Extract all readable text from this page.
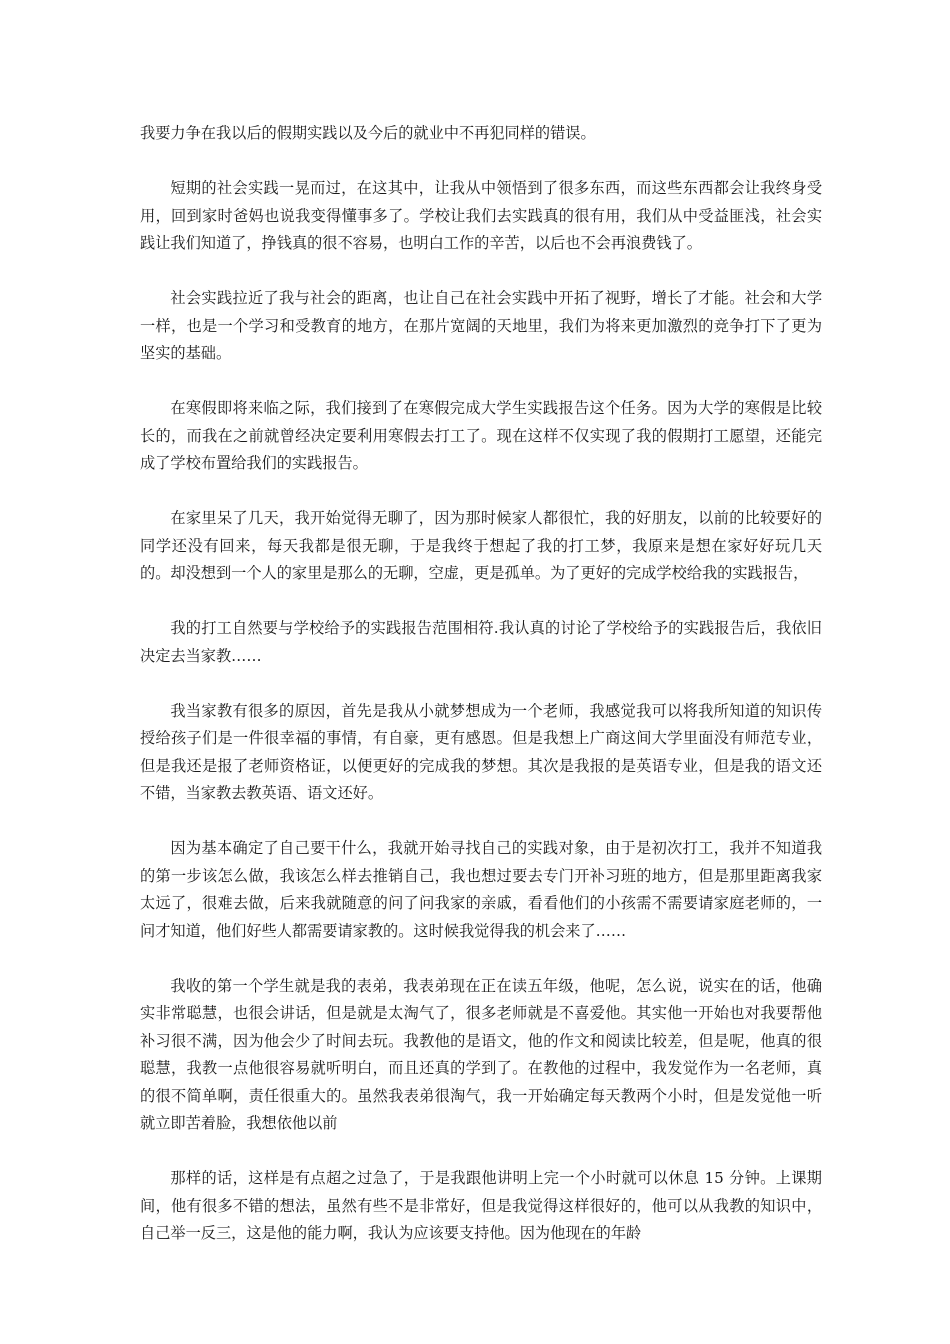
我要力争在我以后的假期实践以及今后的就业中不再犯同样的错误。

短期的社会实践一晃而过，在这其中，让我从中领悟到了很多东西，而这些东西都会让我终身受用，回到家时爸妈也说我变得懂事多了。学校让我们去实践真的很有用，我们从中受益匪浅，社会实践让我们知道了，挣钱真的很不容易，也明白工作的辛苦，以后也不会再浪费钱了。

社会实践拉近了我与社会的距离，也让自己在社会实践中开拓了视野，增长了才能。社会和大学一样，也是一个学习和受教育的地方，在那片宽阔的天地里，我们为将来更加激烈的竞争打下了更为坚实的基础。

在寒假即将来临之际，我们接到了在寒假完成大学生实践报告这个任务。因为大学的寒假是比较长的，而我在之前就曾经决定要利用寒假去打工了。现在这样不仅实现了我的假期打工愿望，还能完成了学校布置给我们的实践报告。

在家里呆了几天，我开始觉得无聊了，因为那时候家人都很忙，我的好朋友，以前的比较要好的同学还没有回来，每天我都是很无聊，于是我终于想起了我的打工梦，我原来是想在家好好玩几天的。却没想到一个人的家里是那么的无聊，空虚，更是孤单。为了更好的完成学校给我的实践报告，

我的打工自然要与学校给予的实践报告范围相符.我认真的讨论了学校给予的实践报告后，我依旧决定去当家教……

我当家教有很多的原因，首先是我从小就梦想成为一个老师，我感觉我可以将我所知道的知识传授给孩子们是一件很幸福的事情，有自豪，更有感恩。但是我想上广商这间大学里面没有师范专业，但是我还是报了老师资格证，以便更好的完成我的梦想。其次是我报的是英语专业，但是我的语文还不错，当家教去教英语、语文还好。

因为基本确定了自己要干什么，我就开始寻找自己的实践对象，由于是初次打工，我并不知道我的第一步该怎么做，我该怎么样去推销自己，我也想过要去专门开补习班的地方，但是那里距离我家太远了，很难去做，后来我就随意的问了问我家的亲戚，看看他们的小孩需不需要请家庭老师的，一问才知道，他们好些人都需要请家教的。这时候我觉得我的机会来了……

我收的第一个学生就是我的表弟，我表弟现在正在读五年级，他呢，怎么说，说实在的话，他确实非常聪慧，也很会讲话，但是就是太淘气了，很多老师就是不喜爱他。其实他一开始也对我要帮他补习很不满，因为他会少了时间去玩。我教他的是语文，他的作文和阅读比较差，但是呢，他真的很聪慧，我教一点他很容易就听明白，而且还真的学到了。在教他的过程中，我发觉作为一名老师，真的很不简单啊，责任很重大的。虽然我表弟很淘气，我一开始确定每天教两个小时，但是发觉他一听就立即苦着脸，我想依他以前

那样的话，这样是有点超之过急了，于是我跟他讲明上完一个小时就可以休息 15 分钟。上课期间，他有很多不错的想法，虽然有些不是非常好，但是我觉得这样很好的，他可以从我教的知识中，自己举一反三，这是他的能力啊，我认为应该要支持他。因为他现在的年龄
